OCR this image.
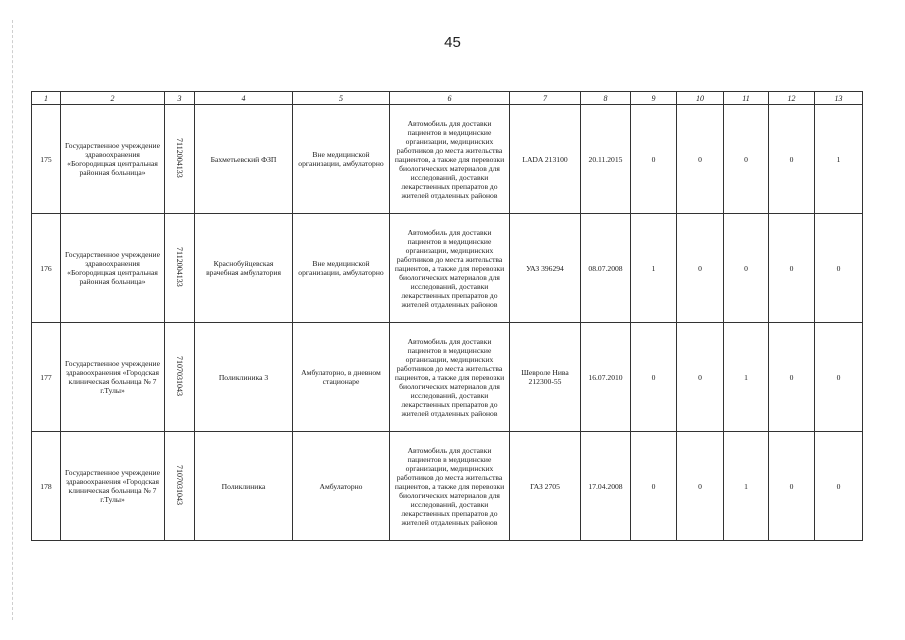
45
1	2	3	4	5	6	7	8	9	10	11	12	13
175	Государственное учреждение здравоохранения «Богородицкая центральная районная больница»	7112004133	Бахметьевский ФЗП	Вне медицинской организации, амбулаторно	Автомобиль для доставки пациентов в медицинские организации, медицинских работников до места жительства пациентов, а также для перевозки биологических материалов для исследований, доставки лекарственных препаратов до жителей отдаленных районов	LADA 213100	20.11.2015	0	0	0	0	1
176	Государственное учреждение здравоохранения «Богородицкая центральная районная больница»	7112004133	Краснобуйцевская врачебная амбулатория	Вне медицинской организации, амбулаторно	Автомобиль для доставки пациентов в медицинские организации, медицинских работников до места жительства пациентов, а также для перевозки биологических материалов для исследований, доставки лекарственных препаратов до жителей отдаленных районов	УАЗ 396294	08.07.2008	1	0	0	0	0
177	Государственное учреждение здравоохранения «Городская клиническая больница № 7 г.Тулы»	7107031043	Поликлиника 3	Амбулаторно, в дневном стационаре	Автомобиль для доставки пациентов в медицинские организации, медицинских работников до места жительства пациентов, а также для перевозки биологических материалов для исследований, доставки лекарственных препаратов до жителей отдаленных районов	Шевроле Нива 212300-55	16.07.2010	0	0	1	0	0
178	Государственное учреждение здравоохранения «Городская клиническая больница № 7 г.Тулы»	7107031043	Поликлиника	Амбулаторно	Автомобиль для доставки пациентов в медицинские организации, медицинских работников до места жительства пациентов, а также для перевозки биологических материалов для исследований, доставки лекарственных препаратов до жителей отдаленных районов	ГАЗ 2705	17.04.2008	0	0	1	0	0
